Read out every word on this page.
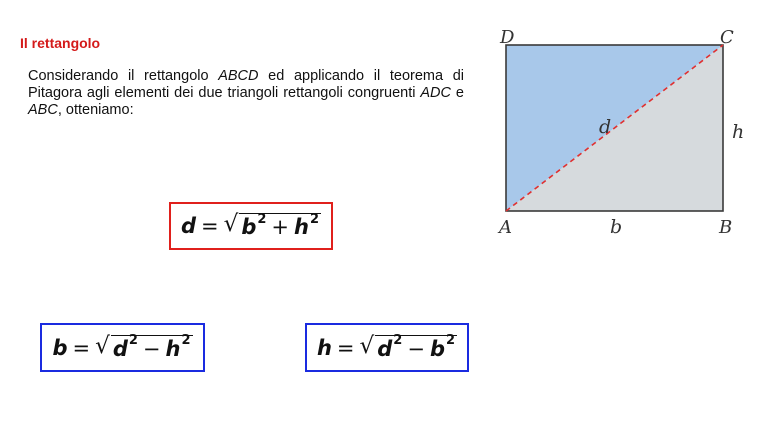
Il rettangolo
Considerando il rettangolo ABCD ed applicando il teorema di Pitagora agli elementi dei due triangoli rettangoli congruenti ADC e ABC, otteniamo:
d = √ b 2 + h 2
b = √ d 2 − h 2	h = √ d 2 − b 2
D	C
A	B
d
b
h
